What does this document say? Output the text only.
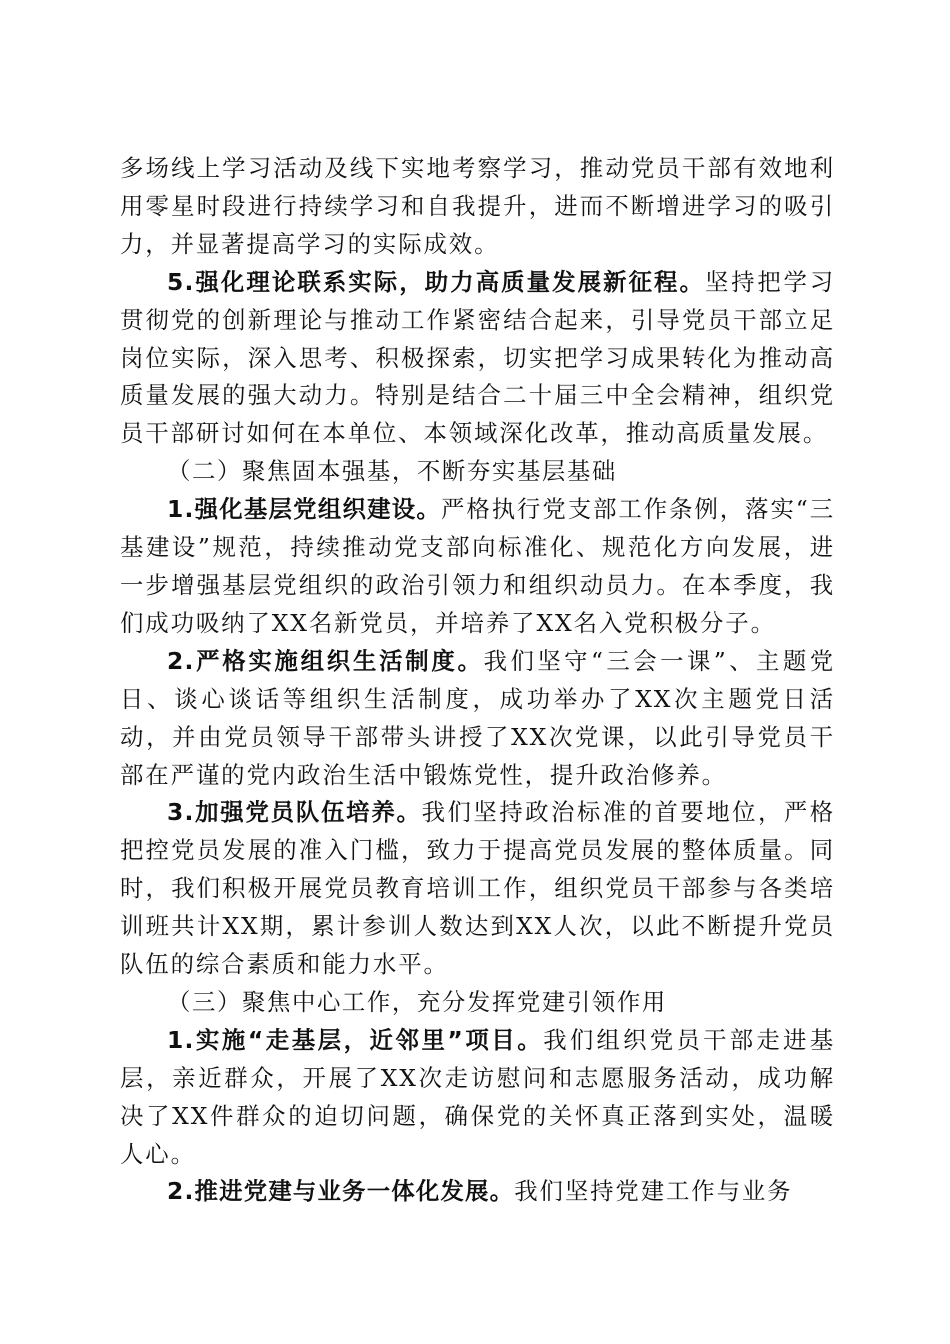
多场线上学习活动及线下实地考察学习，推动党员干部有效地利用零星时段进行持续学习和自我提升，进而不断增进学习的吸引力，并显著提高学习的实际成效。

5.强化理论联系实际，助力高质量发展新征程。坚持把学习贯彻党的创新理论与推动工作紧密结合起来，引导党员干部立足岗位实际，深入思考、积极探索，切实把学习成果转化为推动高质量发展的强大动力。特别是结合二十届三中全会精神，组织党员干部研讨如何在本单位、本领域深化改革，推动高质量发展。

（二）聚焦固本强基，不断夯实基层基础

1.强化基层党组织建设。严格执行党支部工作条例，落实“三基建设”规范，持续推动党支部向标准化、规范化方向发展，进一步增强基层党组织的政治引领力和组织动员力。在本季度，我们成功吸纳了XX名新党员，并培养了XX名入党积极分子。

2.严格实施组织生活制度。我们坚守“三会一课”、主题党日、谈心谈话等组织生活制度，成功举办了XX次主题党日活动，并由党员领导干部带头讲授了XX次党课，以此引导党员干部在严谨的党内政治生活中锻炼党性，提升政治修养。

3.加强党员队伍培养。我们坚持政治标准的首要地位，严格把控党员发展的准入门槛，致力于提高党员发展的整体质量。同时，我们积极开展党员教育培训工作，组织党员干部参与各类培训班共计XX期，累计参训人数达到XX人次，以此不断提升党员队伍的综合素质和能力水平。

（三）聚焦中心工作，充分发挥党建引领作用

1.实施“走基层，近邻里”项目。我们组织党员干部走进基层，亲近群众，开展了XX次走访慰问和志愿服务活动，成功解决了XX件群众的迫切问题，确保党的关怀真正落到实处，温暖人心。

2.推进党建与业务一体化发展。我们坚持党建工作与业务
